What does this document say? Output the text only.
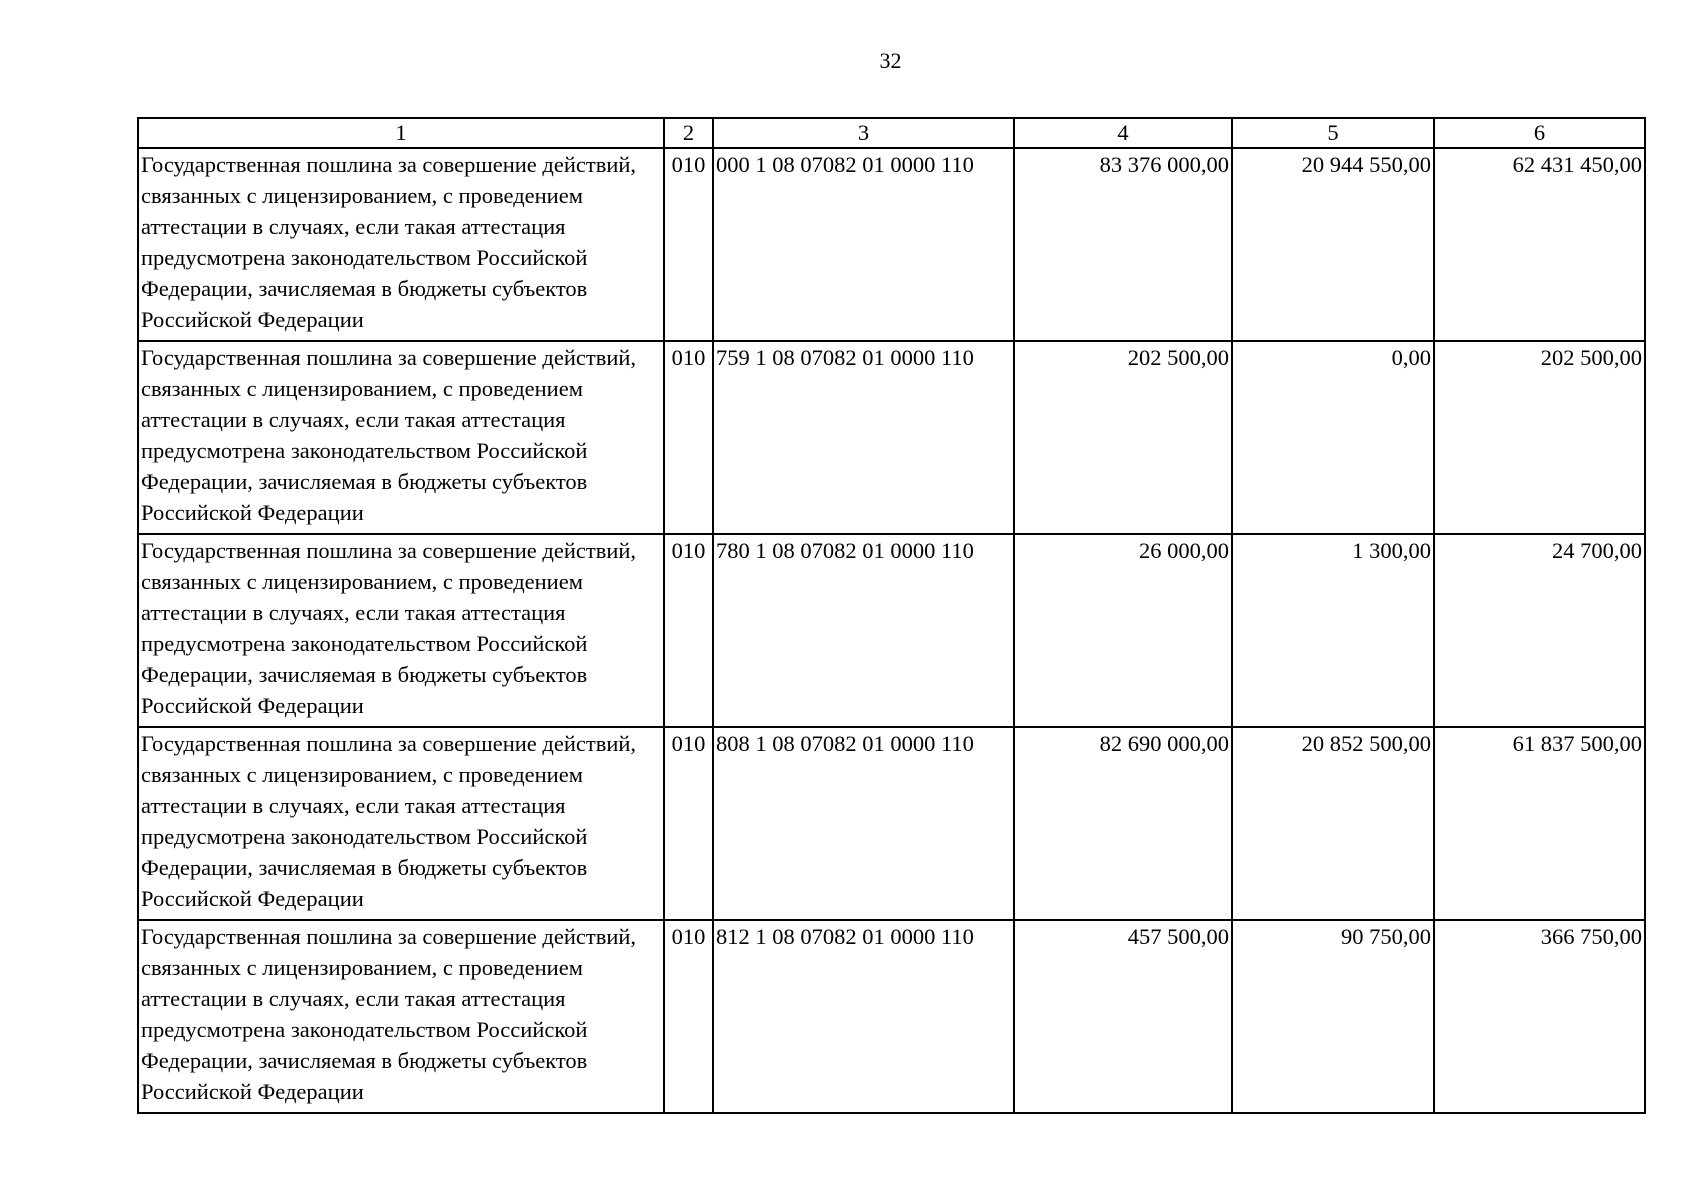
32
1	2	3	4	5	6
Государственная пошлина за совершение действий, связанных с лицензированием, с проведением аттестации в случаях, если такая аттестация предусмотрена законодательством Российской Федерации, зачисляемая в бюджеты субъектов Российской Федерации	010	000 1 08 07082 01 0000 110	83 376 000,00	20 944 550,00	62 431 450,00
Государственная пошлина за совершение действий, связанных с лицензированием, с проведением аттестации в случаях, если такая аттестация предусмотрена законодательством Российской Федерации, зачисляемая в бюджеты субъектов Российской Федерации	010	759 1 08 07082 01 0000 110	202 500,00	0,00	202 500,00
Государственная пошлина за совершение действий, связанных с лицензированием, с проведением аттестации в случаях, если такая аттестация предусмотрена законодательством Российской Федерации, зачисляемая в бюджеты субъектов Российской Федерации	010	780 1 08 07082 01 0000 110	26 000,00	1 300,00	24 700,00
Государственная пошлина за совершение действий, связанных с лицензированием, с проведением аттестации в случаях, если такая аттестация предусмотрена законодательством Российской Федерации, зачисляемая в бюджеты субъектов Российской Федерации	010	808 1 08 07082 01 0000 110	82 690 000,00	20 852 500,00	61 837 500,00
Государственная пошлина за совершение действий, связанных с лицензированием, с проведением аттестации в случаях, если такая аттестация предусмотрена законодательством Российской Федерации, зачисляемая в бюджеты субъектов Российской Федерации	010	812 1 08 07082 01 0000 110	457 500,00	90 750,00	366 750,00
